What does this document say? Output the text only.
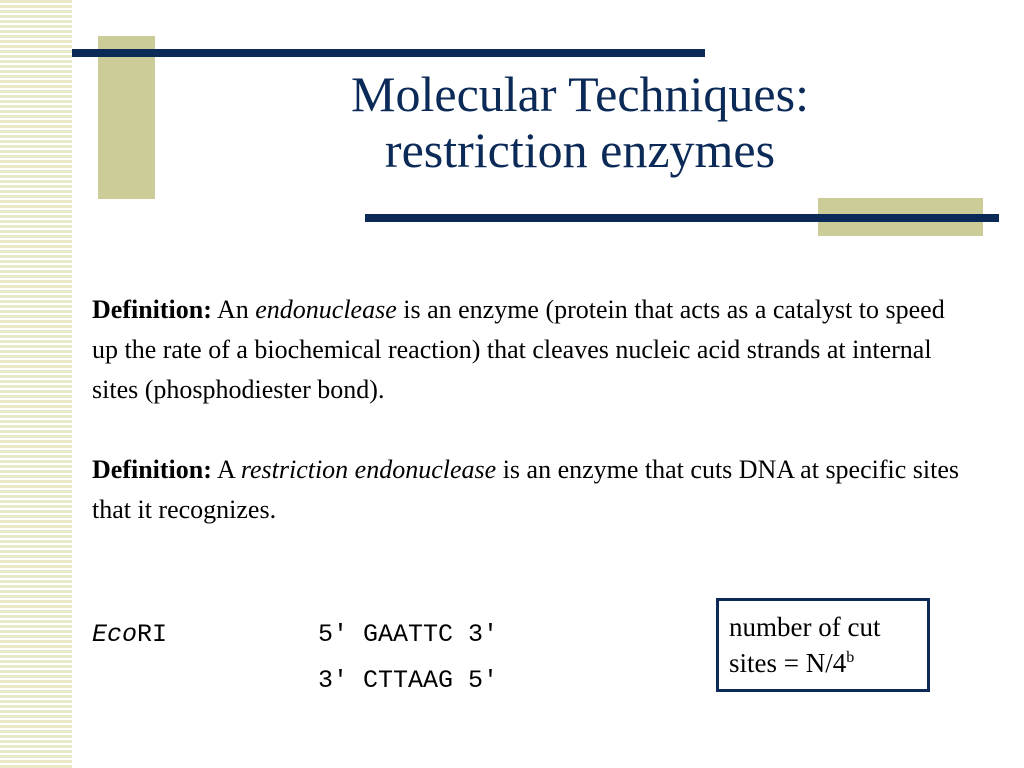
Molecular Techniques:
restriction enzymes

Definition: An endonuclease is an enzyme (protein that acts as a catalyst to speed up the rate of a biochemical reaction) that cleaves nucleic acid strands at internal sites (phosphodiester bond).

Definition: A restriction endonuclease is an enzyme that cuts DNA at specific sites that it recognizes.

EcoRI	5′ GAATTC 3′
3′ CTTAAG 5′
number of cut
sites = $N/4^b$
